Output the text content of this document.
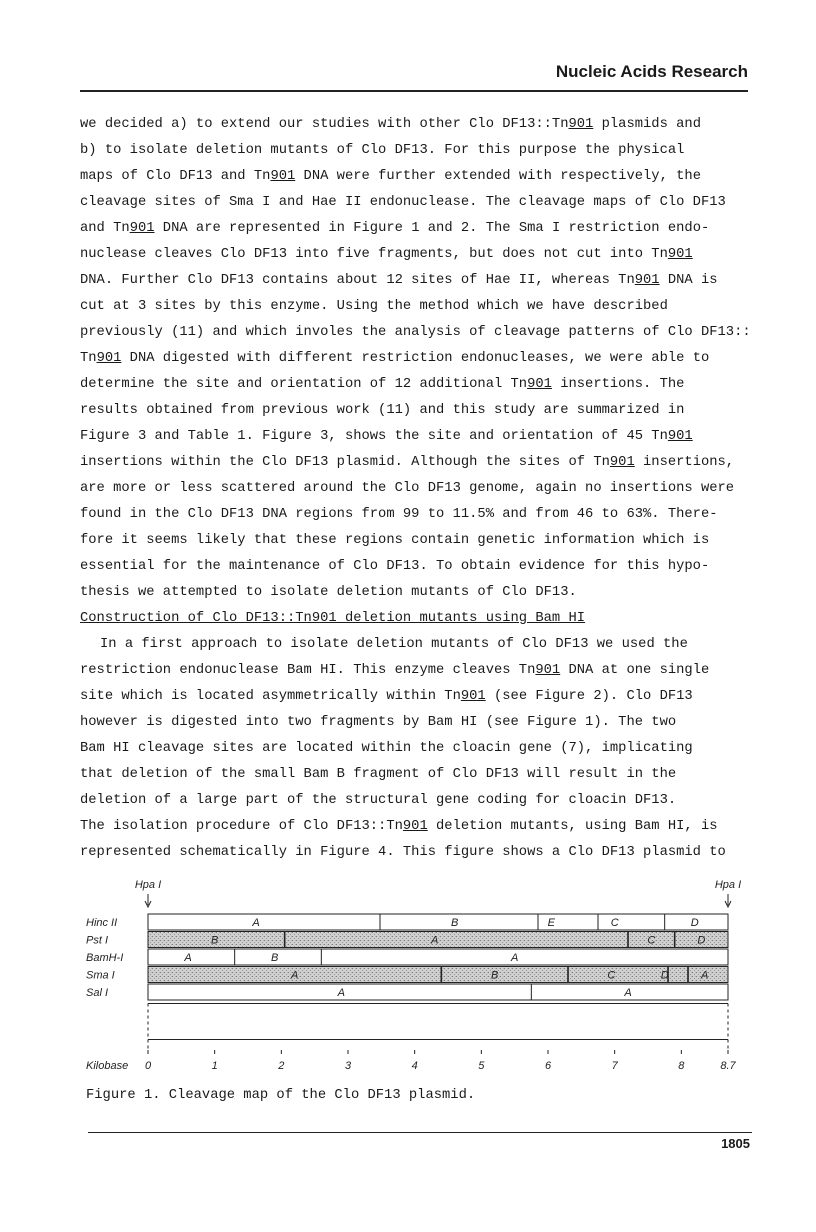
Nucleic Acids Research
we decided a) to extend our studies with other Clo DF13::Tn901 plasmids and
b) to isolate deletion mutants of Clo DF13. For this purpose the physical
maps of Clo DF13 and Tn901 DNA were further extended with respectively, the
cleavage sites of Sma I and Hae II endonuclease. The cleavage maps of Clo DF13
and Tn901 DNA are represented in Figure 1 and 2. The Sma I restriction endo-
nuclease cleaves Clo DF13 into five fragments, but does not cut into Tn901
DNA. Further Clo DF13 contains about 12 sites of Hae II, whereas Tn901 DNA is
cut at 3 sites by this enzyme. Using the method which we have described
previously (11) and which involes the analysis of cleavage patterns of Clo DF13::
Tn901 DNA digested with different restriction endonucleases, we were able to
determine the site and orientation of 12 additional Tn901 insertions. The
results obtained from previous work (11) and this study are summarized in
Figure 3 and Table 1. Figure 3, shows the site and orientation of 45 Tn901
insertions within the Clo DF13 plasmid. Although the sites of Tn901 insertions,
are more or less scattered around the Clo DF13 genome, again no insertions were
found in the Clo DF13 DNA regions from 99 to 11.5% and from 46 to 63%. There-
fore it seems likely that these regions contain genetic information which is
essential for the maintenance of Clo DF13. To obtain evidence for this hypo-
thesis we attempted to isolate deletion mutants of Clo DF13.
Construction of Clo DF13::Tn901 deletion mutants using Bam HI
In a first approach to isolate deletion mutants of Clo DF13 we used the
restriction endonuclease Bam HI. This enzyme cleaves Tn901 DNA at one single
site which is located asymmetrically within Tn901 (see Figure 2). Clo DF13
however is digested into two fragments by Bam HI (see Figure 1). The two
Bam HI cleavage sites are located within the cloacin gene (7), implicating
that deletion of the small Bam B fragment of Clo DF13 will result in the
deletion of a large part of the structural gene coding for cloacin DF13.
The isolation procedure of Clo DF13::Tn901 deletion mutants, using Bam HI, is
represented schematically in Figure 4. This figure shows a Clo DF13 plasmid to
Hpa I	Hpa I
Hinc II	A	B	E	C	D
Pst I	B	A	C	D
BamH-I	A	B	A
Sma I	A	B	C	D	A
Sal I	A	A
Kilobase 0	1	2	3	4	5	6	7	8	8.7
Figure 1. Cleavage map of the Clo DF13 plasmid.
1805
